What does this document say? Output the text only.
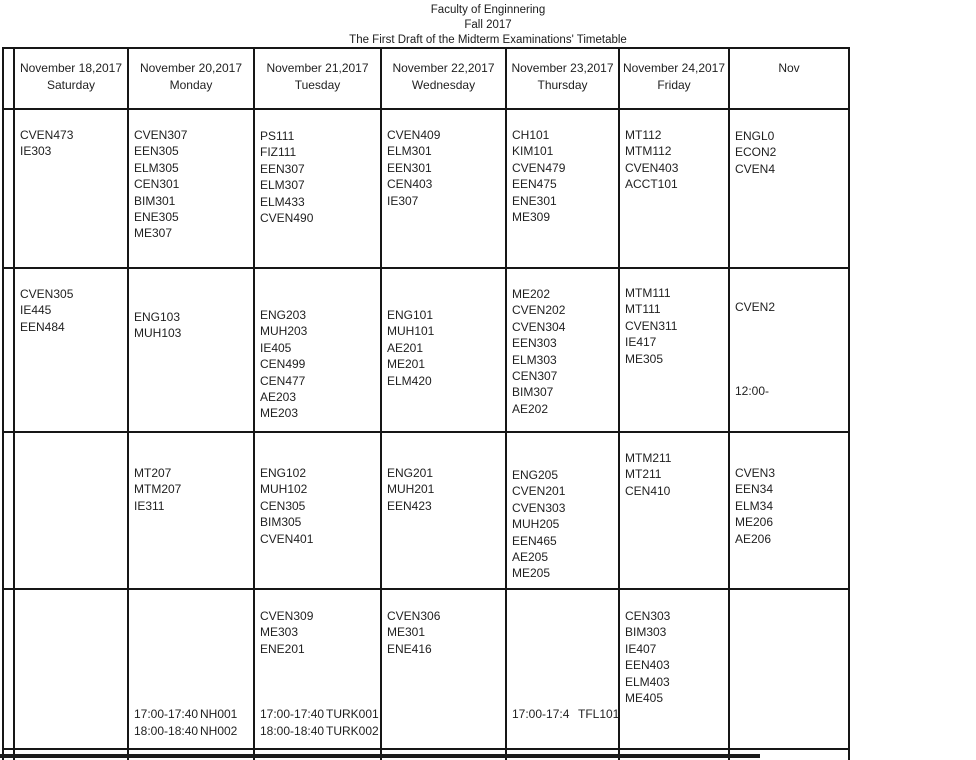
Faculty of Enginnering
Fall 2017
The First Draft of the Midterm Examinations' Timetable
November 18,2017
Saturday
November 20,2017
Monday
November 21,2017
Tuesday
November 22,2017
Wednesday
November 23,2017
Thursday
November 24,2017
Friday
Nov
CVEN473
IE303
CVEN307
EEN305
ELM305
CEN301
BIM301
ENE305
ME307
PS111
FIZ111
EEN307
ELM307
ELM433
CVEN490
CVEN409
ELM301
EEN301
CEN403
IE307
CH101
KIM101
CVEN479
EEN475
ENE301
ME309
MT112
MTM112
CVEN403
ACCT101
ENGL0
ECON2
CVEN4
CVEN305
IE445
EEN484
ENG103
MUH103
ENG203
MUH203
IE405
CEN499
CEN477
AE203
ME203
ENG101
MUH101
AE201
ME201
ELM420
ME202
CVEN202
CVEN304
EEN303
ELM303
CEN307
BIM307
AE202
MTM111
MT111
CVEN311
IE417
ME305
CVEN2
12:00-
MT207
MTM207
IE311
ENG102
MUH102
CEN305
BIM305
CVEN401
ENG201
MUH201
EEN423
ENG205
CVEN201
CVEN303
MUH205
EEN465
AE205
ME205
MTM211
MT211
CEN410
CVEN3
EEN34
ELM34
ME206
AE206
17:00-17:40 NH001
18:00-18:40 NH002
CVEN309
ME303
ENE201
17:00-17:40 TURK001
18:00-18:40 TURK002
CVEN306
ME301
ENE416
17:00-17:4 TFL101
CEN303
BIM303
IE407
EEN403
ELM403
ME405
